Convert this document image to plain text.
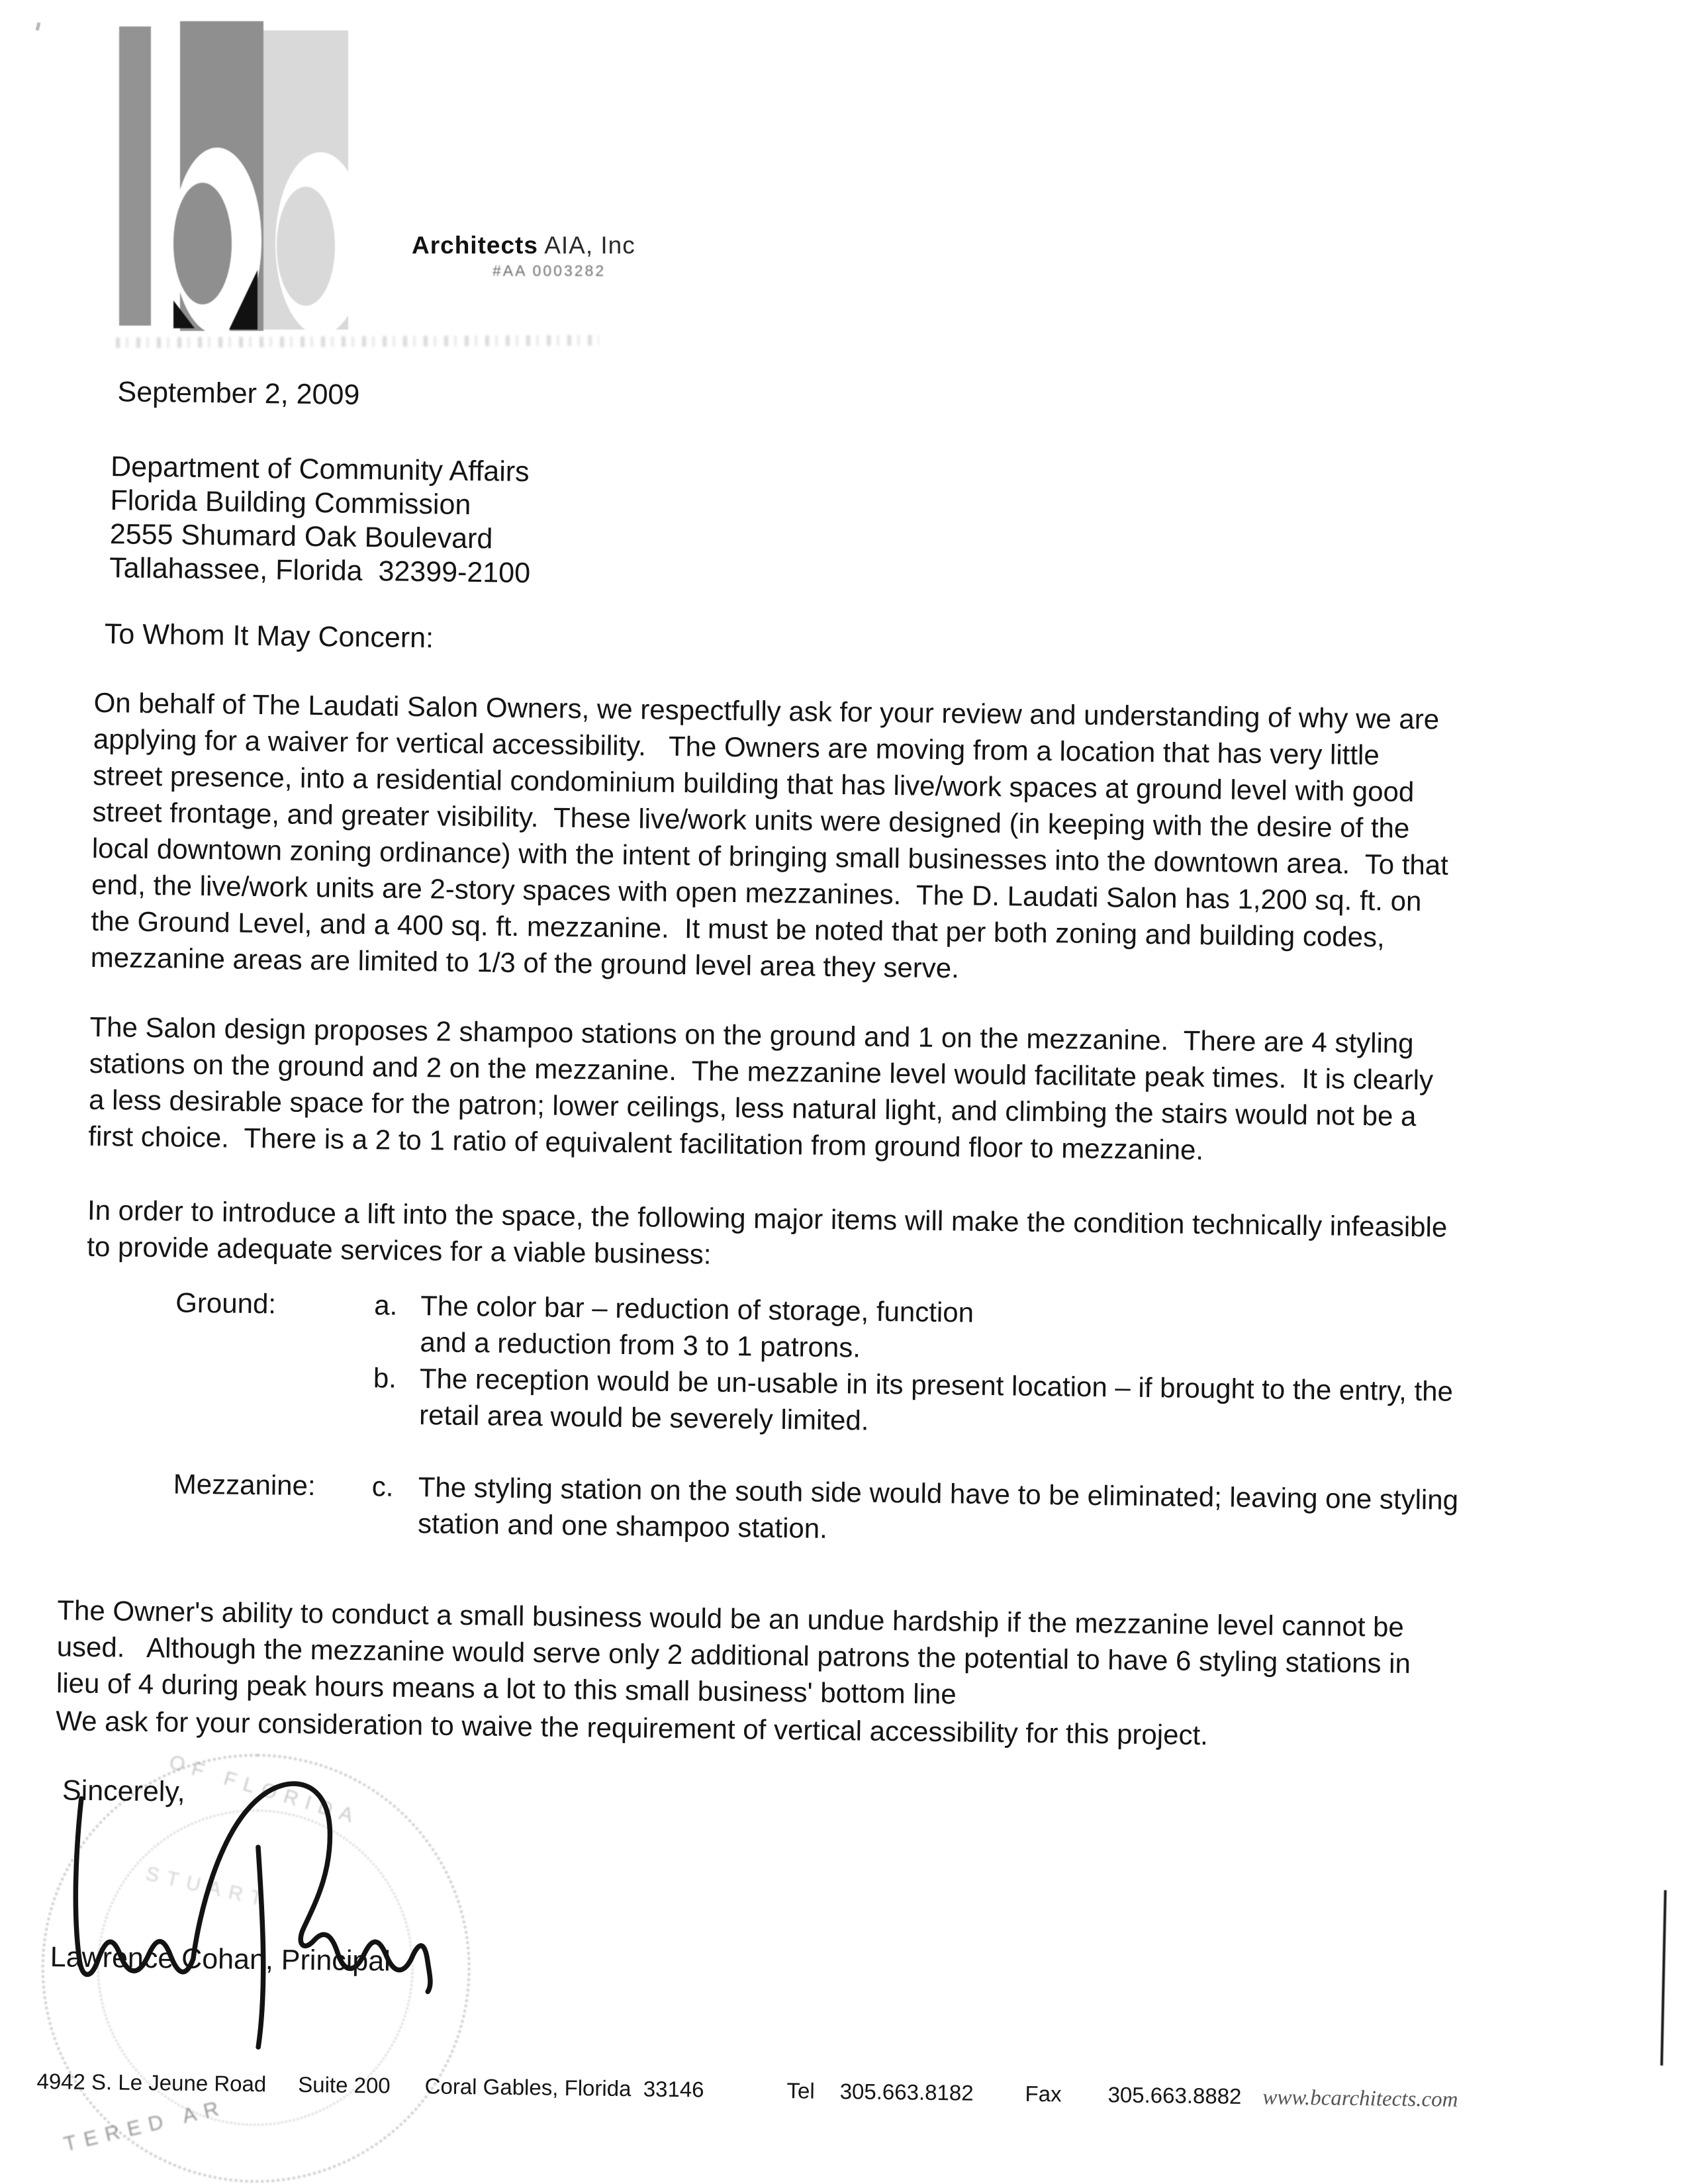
Architects AIA, Inc
#AA 0003282
September 2, 2009
Department of Community Affairs
Florida Building Commission
2555 Shumard Oak Boulevard
Tallahassee, Florida  32399-2100
To Whom It May Concern:
On behalf of The Laudati Salon Owners, we respectfully ask for your review and understanding of why we are
applying for a waiver for vertical accessibility.   The Owners are moving from a location that has very little
street presence, into a residential condominium building that has live/work spaces at ground level with good
street frontage, and greater visibility.  These live/work units were designed (in keeping with the desire of the
local downtown zoning ordinance) with the intent of bringing small businesses into the downtown area.  To that
end, the live/work units are 2-story spaces with open mezzanines.  The D. Laudati Salon has 1,200 sq. ft. on
the Ground Level, and a 400 sq. ft. mezzanine.  It must be noted that per both zoning and building codes,
mezzanine areas are limited to 1/3 of the ground level area they serve.
The Salon design proposes 2 shampoo stations on the ground and 1 on the mezzanine.  There are 4 styling
stations on the ground and 2 on the mezzanine.  The mezzanine level would facilitate peak times.  It is clearly
a less desirable space for the patron; lower ceilings, less natural light, and climbing the stairs would not be a
first choice.  There is a 2 to 1 ratio of equivalent facilitation from ground floor to mezzanine.
In order to introduce a lift into the space, the following major items will make the condition technically infeasible
to provide adequate services for a viable business:
Ground:	a. The color bar – reduction of storage, function
and a reduction from 3 to 1 patrons.
b. The reception would be un-usable in its present location – if brought to the entry, the
retail area would be severely limited.
Mezzanine:	c. The styling station on the south side would have to be eliminated; leaving one styling
station and one shampoo station.
The Owner's ability to conduct a small business would be an undue hardship if the mezzanine level cannot be
used.   Although the mezzanine would serve only 2 additional patrons the potential to have 6 styling stations in
lieu of 4 during peak hours means a lot to this small business' bottom line
We ask for your consideration to waive the requirement of vertical accessibility for this project.
OF FLORIDA
STUART
TERED AR
Sincerely,
Lawrence Cohan, Principal
4942 S. Le Jeune Road Suite 200 Coral Gables, Florida  33146	Tel 305.663.8182 Fax 305.663.8882 www.bcarchitects.com
